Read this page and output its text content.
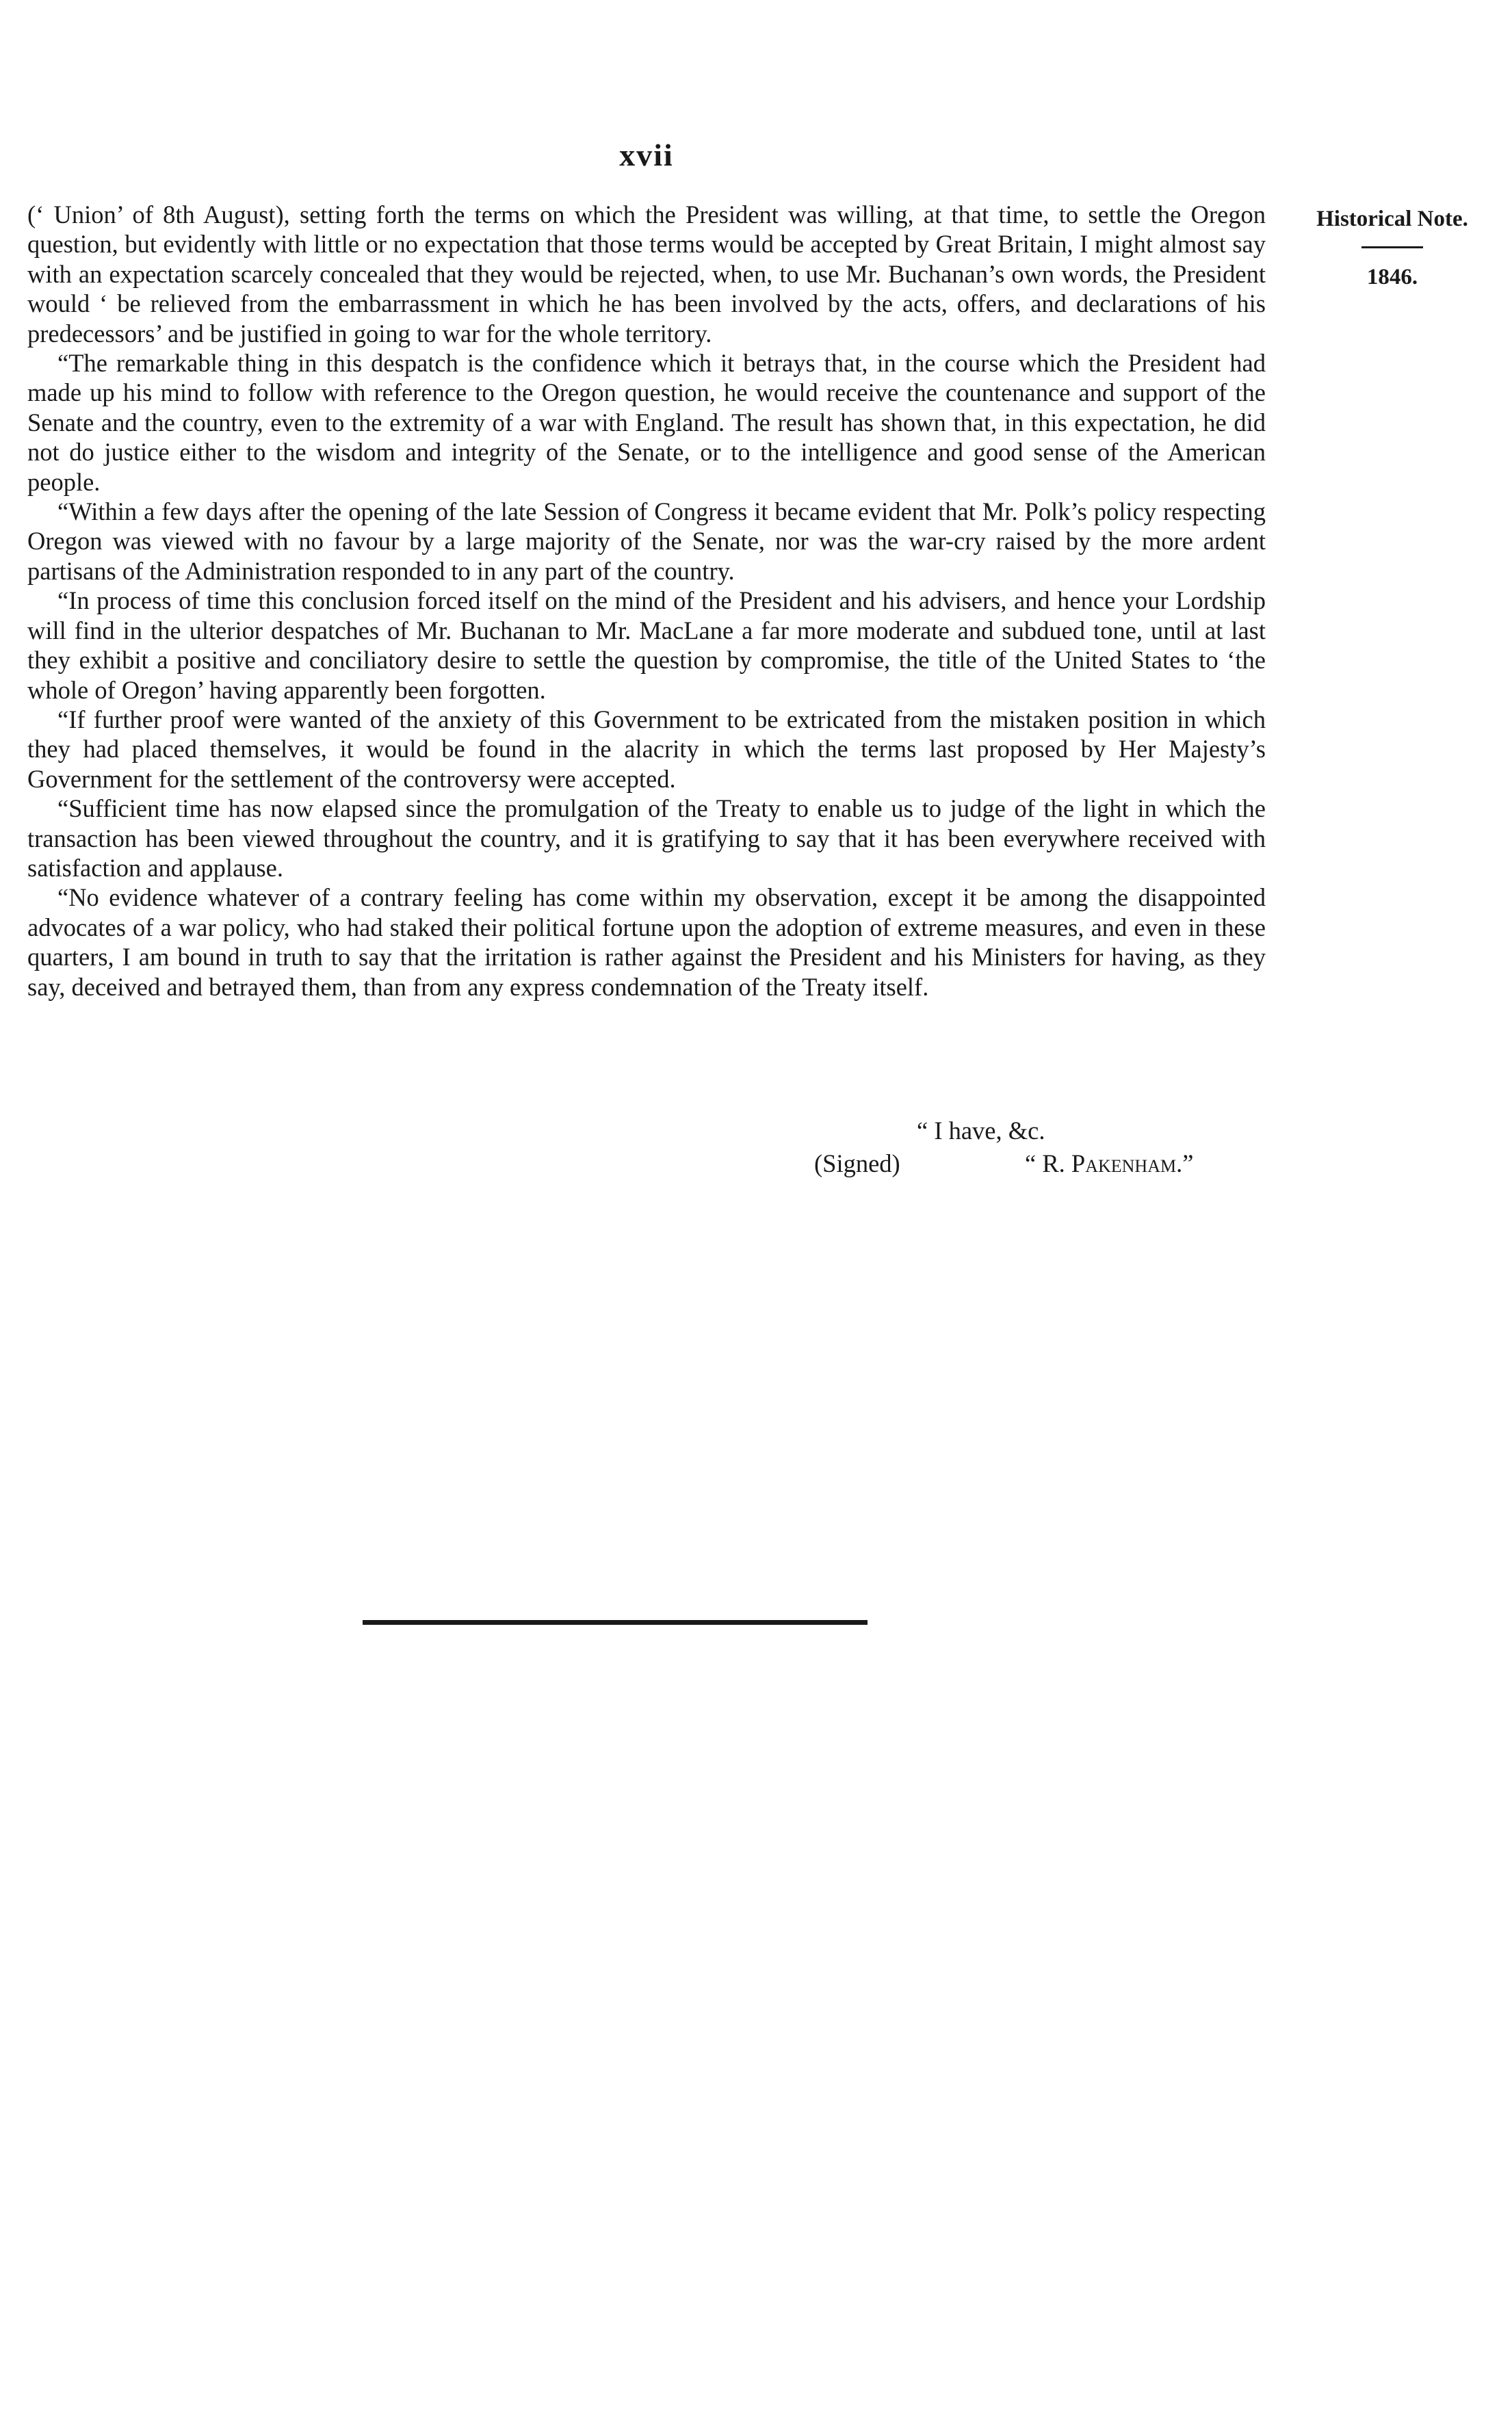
xvii

(‘ Union’ of 8th August), setting forth the terms on which the President was willing, at that time, to settle the Oregon question, but evidently with little or no expectation that those terms would be accepted by Great Britain, I might almost say with an expectation scarcely concealed that they would be rejected, when, to use Mr. Buchanan’s own words, the President would ‘ be relieved from the embarrassment in which he has been involved by the acts, offers, and declarations of his predecessors’ and be justified in going to war for the whole territory.

“The remarkable thing in this despatch is the confidence which it betrays that, in the course which the President had made up his mind to follow with reference to the Oregon question, he would receive the countenance and support of the Senate and the country, even to the extremity of a war with England. The result has shown that, in this expectation, he did not do justice either to the wisdom and integrity of the Senate, or to the intelligence and good sense of the American people.

“Within a few days after the opening of the late Session of Congress it became evident that Mr. Polk’s policy respecting Oregon was viewed with no favour by a large majority of the Senate, nor was the war-cry raised by the more ardent partisans of the Administration responded to in any part of the country.

“In process of time this conclusion forced itself on the mind of the President and his advisers, and hence your Lordship will find in the ulterior despatches of Mr. Buchanan to Mr. MacLane a far more moderate and subdued tone, until at last they exhibit a positive and conciliatory desire to settle the question by compromise, the title of the United States to ‘the whole of Oregon’ having apparently been forgotten.

“If further proof were wanted of the anxiety of this Government to be extricated from the mistaken position in which they had placed themselves, it would be found in the alacrity in which the terms last proposed by Her Majesty’s Government for the settlement of the controversy were accepted.

“Sufficient time has now elapsed since the promulgation of the Treaty to enable us to judge of the light in which the transaction has been viewed throughout the country, and it is gratifying to say that it has been everywhere received with satisfaction and applause.

“No evidence whatever of a contrary feeling has come within my observation, except it be among the disappointed advocates of a war policy, who had staked their political fortune upon the adoption of extreme measures, and even in these quarters, I am bound in truth to say that the irritation is rather against the President and his Ministers for having, as they say, deceived and betrayed them, than from any express condemnation of the Treaty itself.

Historical Note.
1846.
“ I have, &c.
(Signed)	“ R. Pakenham.”
